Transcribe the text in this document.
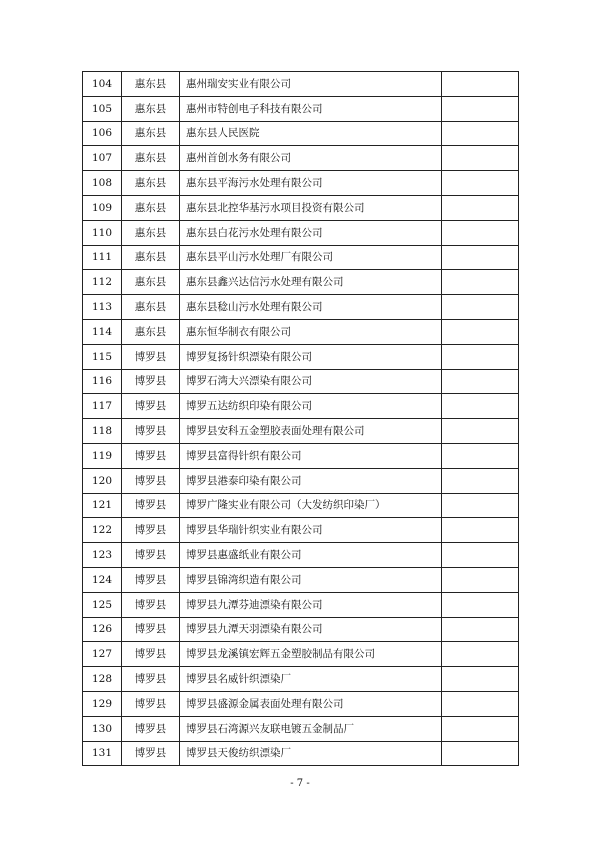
104	惠东县	惠州瑞安实业有限公司	
105	惠东县	惠州市特创电子科技有限公司	
106	惠东县	惠东县人民医院	
107	惠东县	惠州首创水务有限公司	
108	惠东县	惠东县平海污水处理有限公司	
109	惠东县	惠东县北控华基污水项目投资有限公司	
110	惠东县	惠东县白花污水处理有限公司	
111	惠东县	惠东县平山污水处理厂有限公司	
112	惠东县	惠东县鑫兴达信污水处理有限公司	
113	惠东县	惠东县稔山污水处理有限公司	
114	惠东县	惠东恒华制衣有限公司	
115	博罗县	博罗复扬针织漂染有限公司	
116	博罗县	博罗石湾大兴漂染有限公司	
117	博罗县	博罗五达纺织印染有限公司	
118	博罗县	博罗县安科五金塑胶表面处理有限公司	
119	博罗县	博罗县富得针织有限公司	
120	博罗县	博罗县港泰印染有限公司	
121	博罗县	博罗广隆实业有限公司（大发纺织印染厂）	
122	博罗县	博罗县华瑞针织实业有限公司	
123	博罗县	博罗县惠盛纸业有限公司	
124	博罗县	博罗县锦湾织造有限公司	
125	博罗县	博罗县九潭芬迪漂染有限公司	
126	博罗县	博罗县九潭天羽漂染有限公司	
127	博罗县	博罗县龙溪镇宏辉五金塑胶制品有限公司	
128	博罗县	博罗县名威针织漂染厂	
129	博罗县	博罗县盛源金属表面处理有限公司	
130	博罗县	博罗县石湾源兴友联电镀五金制品厂	
131	博罗县	博罗县天俊纺织漂染厂	
- 7 -
